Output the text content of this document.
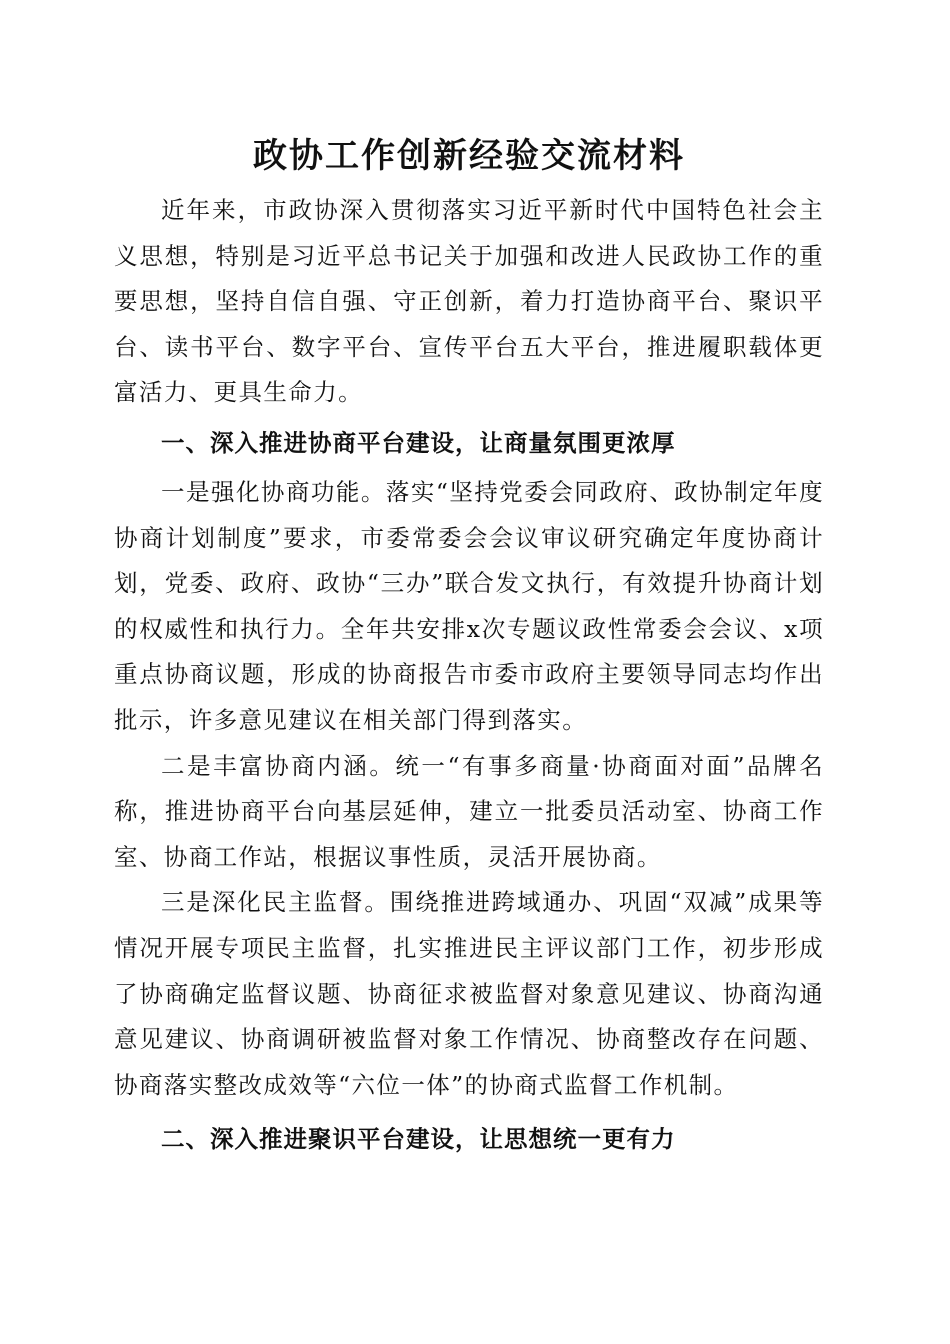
政协工作创新经验交流材料

近年来，市政协深入贯彻落实习近平新时代中国特色社会主义思想，特别是习近平总书记关于加强和改进人民政协工作的重要思想，坚持自信自强、守正创新，着力打造协商平台、聚识平台、读书平台、数字平台、宣传平台五大平台，推进履职载体更富活力、更具生命力。

一、深入推进协商平台建设，让商量氛围更浓厚

一是强化协商功能。落实“坚持党委会同政府、政协制定年度协商计划制度”要求，市委常委会会议审议研究确定年度协商计划，党委、政府、政协“三办”联合发文执行，有效提升协商计划的权威性和执行力。全年共安排x次专题议政性常委会会议、x项重点协商议题，形成的协商报告市委市政府主要领导同志均作出批示，许多意见建议在相关部门得到落实。

二是丰富协商内涵。统一“有事多商量·协商面对面”品牌名称，推进协商平台向基层延伸，建立一批委员活动室、协商工作室、协商工作站，根据议事性质，灵活开展协商。

三是深化民主监督。围绕推进跨域通办、巩固“双减”成果等情况开展专项民主监督，扎实推进民主评议部门工作，初步形成了协商确定监督议题、协商征求被监督对象意见建议、协商沟通意见建议、协商调研被监督对象工作情况、协商整改存在问题、协商落实整改成效等“六位一体”的协商式监督工作机制。

二、深入推进聚识平台建设，让思想统一更有力
